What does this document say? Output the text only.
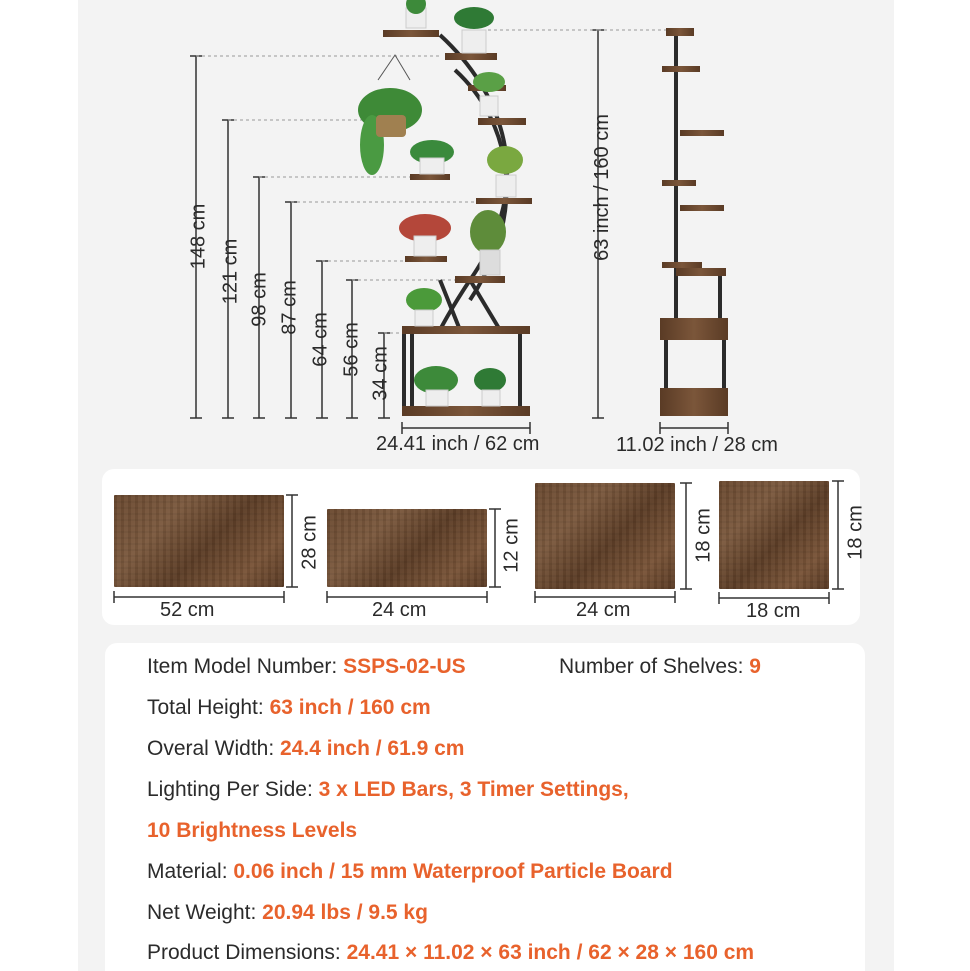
148 cm
121 cm 98 cm 87 cm
64 cm 56 cm 34 cm
63 inch / 160 cm
24.41 inch / 62 cm	11.02 inch / 28 cm
52 cm
28 cm
24 cm
12 cm
24 cm
18 cm
18 cm
18 cm
Item Model Number: SSPS-02-US	Number of Shelves: 9
Total Height: 63 inch / 160 cm
Overal Width: 24.4 inch / 61.9 cm
Lighting Per Side: 3 x LED Bars, 3 Timer Settings,
10 Brightness Levels
Material: 0.06 inch / 15 mm Waterproof Particle Board
Net Weight: 20.94 lbs / 9.5 kg
Product Dimensions: 24.41 × 11.02 × 63 inch / 62 × 28 × 160 cm
